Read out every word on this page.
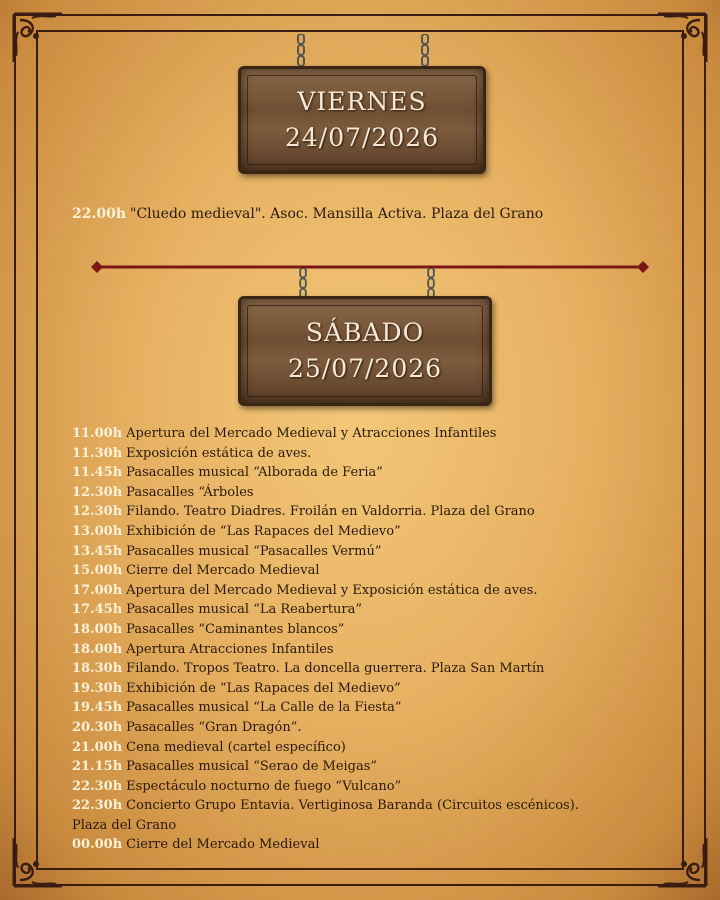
VIERNES
24/07/2026
22.00h "Cluedo medieval". Asoc. Mansilla Activa. Plaza del Grano
SÁBADO
25/07/2026
11.00h Apertura del Mercado Medieval y Atracciones Infantiles
11.30h Exposición estática de aves.
11.45h Pasacalles musical “Alborada de Feria”
12.30h Pasacalles “Árboles
12.30h Filando. Teatro Diadres. Froilán en Valdorria. Plaza del Grano
13.00h Exhibición de “Las Rapaces del Medievo”
13.45h Pasacalles musical “Pasacalles Vermú”
15.00h Cierre del Mercado Medieval
17.00h Apertura del Mercado Medieval y Exposición estática de aves.
17.45h Pasacalles musical “La Reabertura”
18.00h Pasacalles “Caminantes blancos”
18.00h Apertura Atracciones Infantiles
18.30h Filando. Tropos Teatro. La doncella guerrera. Plaza San Martín
19.30h Exhibición de “Las Rapaces del Medievo”
19.45h Pasacalles musical “La Calle de la Fiesta”
20.30h Pasacalles “Gran Dragón”.
21.00h Cena medieval (cartel específico)
21.15h Pasacalles musical “Serao de Meigas”
22.30h Espectáculo nocturno de fuego “Vulcano”
22.30h Concierto Grupo Entavia. Vertiginosa Baranda (Circuitos escénicos).
Plaza del Grano
00.00h Cierre del Mercado Medieval
